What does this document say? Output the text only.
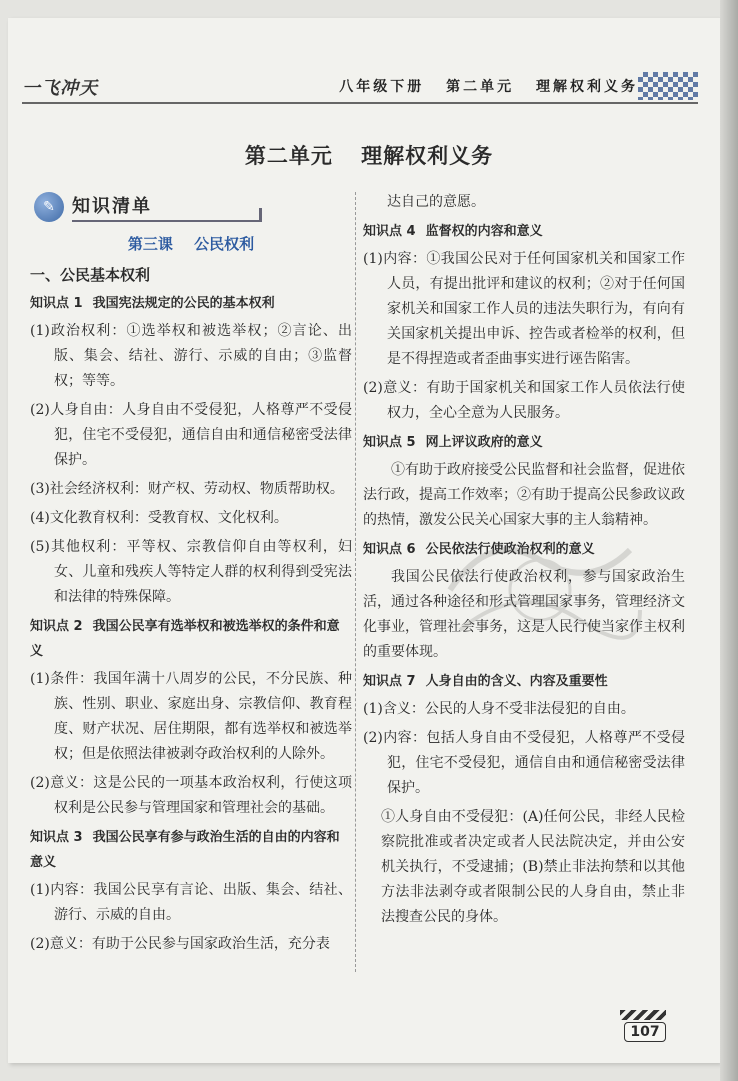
一飞冲天	八年级下册 第二单元 理解权利义务
第二单元 理解权利义务
✎ 知识清单
第三课 公民权利
一、公民基本权利
知识点 1 我国宪法规定的公民的基本权利
(1)政治权利：①选举权和被选举权；②言论、出版、集会、结社、游行、示威的自由；③监督权；等等。
(2)人身自由：人身自由不受侵犯，人格尊严不受侵犯，住宅不受侵犯，通信自由和通信秘密受法律保护。
(3)社会经济权利：财产权、劳动权、物质帮助权。
(4)文化教育权利：受教育权、文化权利。
(5)其他权利：平等权、宗教信仰自由等权利，妇女、儿童和残疾人等特定人群的权利得到受宪法和法律的特殊保障。
知识点 2 我国公民享有选举权和被选举权的条件和意义
(1)条件：我国年满十八周岁的公民，不分民族、种族、性别、职业、家庭出身、宗教信仰、教育程度、财产状况、居住期限，都有选举权和被选举权；但是依照法律被剥夺政治权利的人除外。
(2)意义：这是公民的一项基本政治权利，行使这项权利是公民参与管理国家和管理社会的基础。
知识点 3 我国公民享有参与政治生活的自由的内容和意义
(1)内容：我国公民享有言论、出版、集会、结社、游行、示威的自由。
(2)意义：有助于公民参与国家政治生活，充分表
达自己的意愿。
知识点 4 监督权的内容和意义
(1)内容：①我国公民对于任何国家机关和国家工作人员，有提出批评和建议的权利；②对于任何国家机关和国家工作人员的违法失职行为，有向有关国家机关提出申诉、控告或者检举的权利，但是不得捏造或者歪曲事实进行诬告陷害。
(2)意义：有助于国家机关和国家工作人员依法行使权力，全心全意为人民服务。
知识点 5 网上评议政府的意义
①有助于政府接受公民监督和社会监督，促进依法行政，提高工作效率；②有助于提高公民参政议政的热情，激发公民关心国家大事的主人翁精神。
知识点 6 公民依法行使政治权利的意义
我国公民依法行使政治权利，参与国家政治生活，通过各种途径和形式管理国家事务，管理经济文化事业，管理社会事务，这是人民行使当家作主权利的重要体现。
知识点 7 人身自由的含义、内容及重要性
(1)含义：公民的人身不受非法侵犯的自由。
(2)内容：包括人身自由不受侵犯，人格尊严不受侵犯，住宅不受侵犯，通信自由和通信秘密受法律保护。
①人身自由不受侵犯：(A)任何公民，非经人民检察院批准或者决定或者人民法院决定，并由公安机关执行，不受逮捕；(B)禁止非法拘禁和以其他方法非法剥夺或者限制公民的人身自由，禁止非法搜查公民的身体。
107
